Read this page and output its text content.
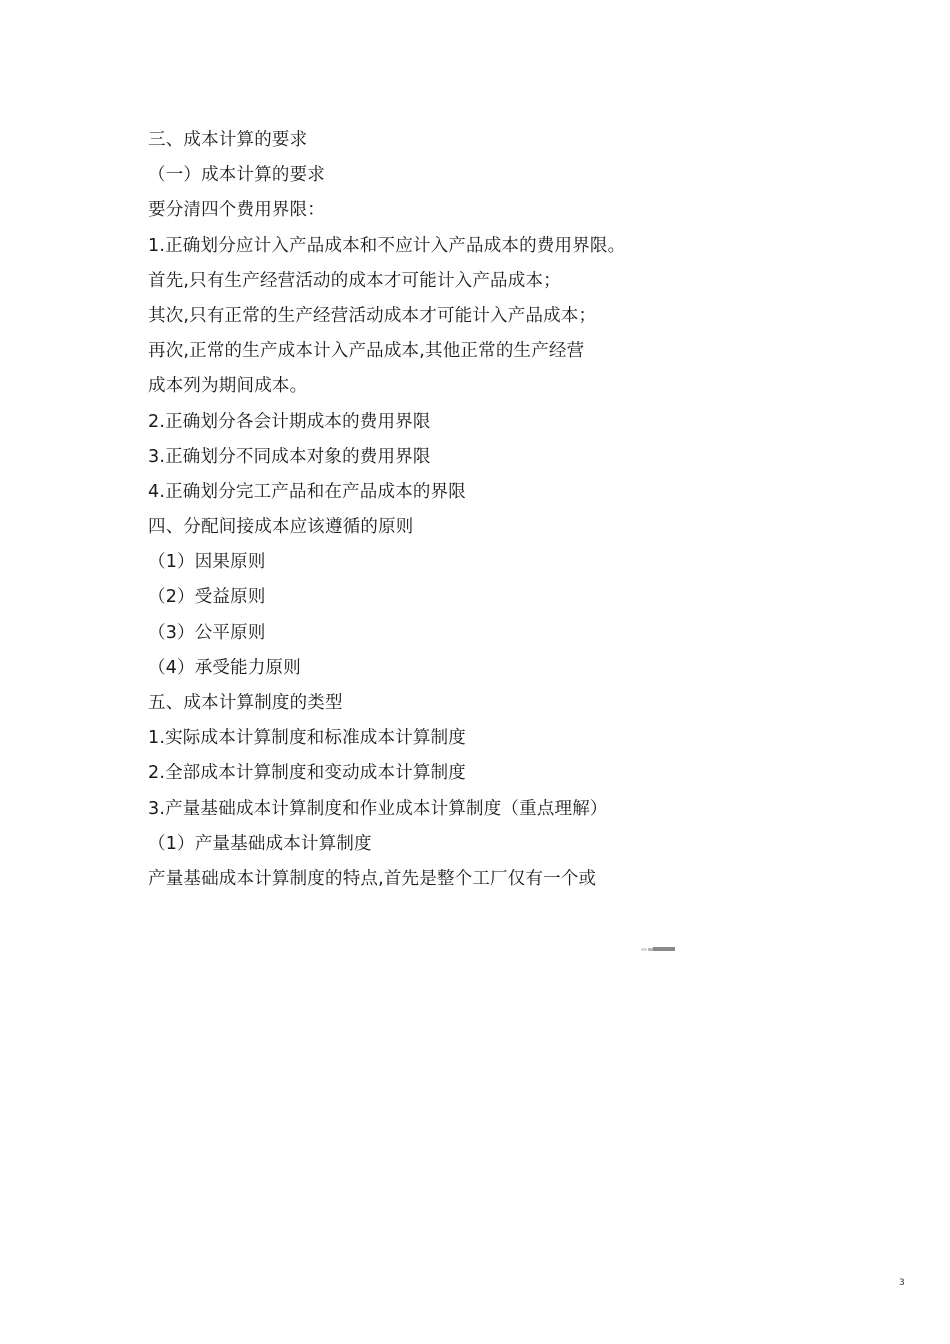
三、成本计算的要求
（一）成本计算的要求
要分清四个费用界限：
1.正确划分应计入产品成本和不应计入产品成本的费用界限。
首先,只有生产经营活动的成本才可能计入产品成本；
其次,只有正常的生产经营活动成本才可能计入产品成本；
再次,正常的生产成本计入产品成本,其他正常的生产经营
成本列为期间成本。
2.正确划分各会计期成本的费用界限
3.正确划分不同成本对象的费用界限
4.正确划分完工产品和在产品成本的界限
四、分配间接成本应该遵循的原则
（1）因果原则
（2）受益原则
（3）公平原则
（4）承受能力原则
五、成本计算制度的类型
1.实际成本计算制度和标准成本计算制度
2.全部成本计算制度和变动成本计算制度
3.产量基础成本计算制度和作业成本计算制度（重点理解）
（1）产量基础成本计算制度
产量基础成本计算制度的特点,首先是整个工厂仅有一个或
3
